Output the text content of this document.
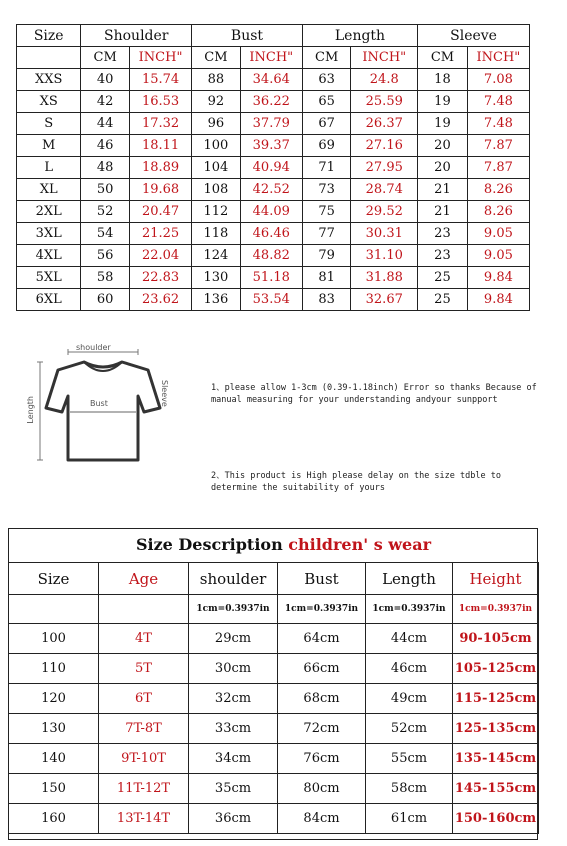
Size	Shoulder		Bust		Length		Sleeve	
	CM	INCH"	CM	INCH"	CM	INCH"	CM	INCH"
XXS	40	15.74	88	34.64	63	24.8	18	7.08
XS	42	16.53	92	36.22	65	25.59	19	7.48
S	44	17.32	96	37.79	67	26.37	19	7.48
M	46	18.11	100	39.37	69	27.16	20	7.87
L	48	18.89	104	40.94	71	27.95	20	7.87
XL	50	19.68	108	42.52	73	28.74	21	8.26
2XL	52	20.47	112	44.09	75	29.52	21	8.26
3XL	54	21.25	118	46.46	77	30.31	23	9.05
4XL	56	22.04	124	48.82	79	31.10	23	9.05
5XL	58	22.83	130	51.18	81	31.88	25	9.84
6XL	60	23.62	136	53.54	83	32.67	25	9.84
shoulder
Bust	Sleeve
Length
1、please allow 1-3cm (0.39-1.18inch) Error so thanks Because of manual measuring for your understanding andyour sunpport
2、This product is High please delay on the size tdble to determine the suitability of yours
Size Description children' s wear
Size	Age	shoulder	Bust	Length	Height
		1cm=0.3937in	1cm=0.3937in	1cm=0.3937in	1cm=0.3937in
100	4T	29cm	64cm	44cm	90-105cm
110	5T	30cm	66cm	46cm	105-125cm
120	6T	32cm	68cm	49cm	115-125cm
130	7T-8T	33cm	72cm	52cm	125-135cm
140	9T-10T	34cm	76cm	55cm	135-145cm
150	11T-12T	35cm	80cm	58cm	145-155cm
160	13T-14T	36cm	84cm	61cm	150-160cm
